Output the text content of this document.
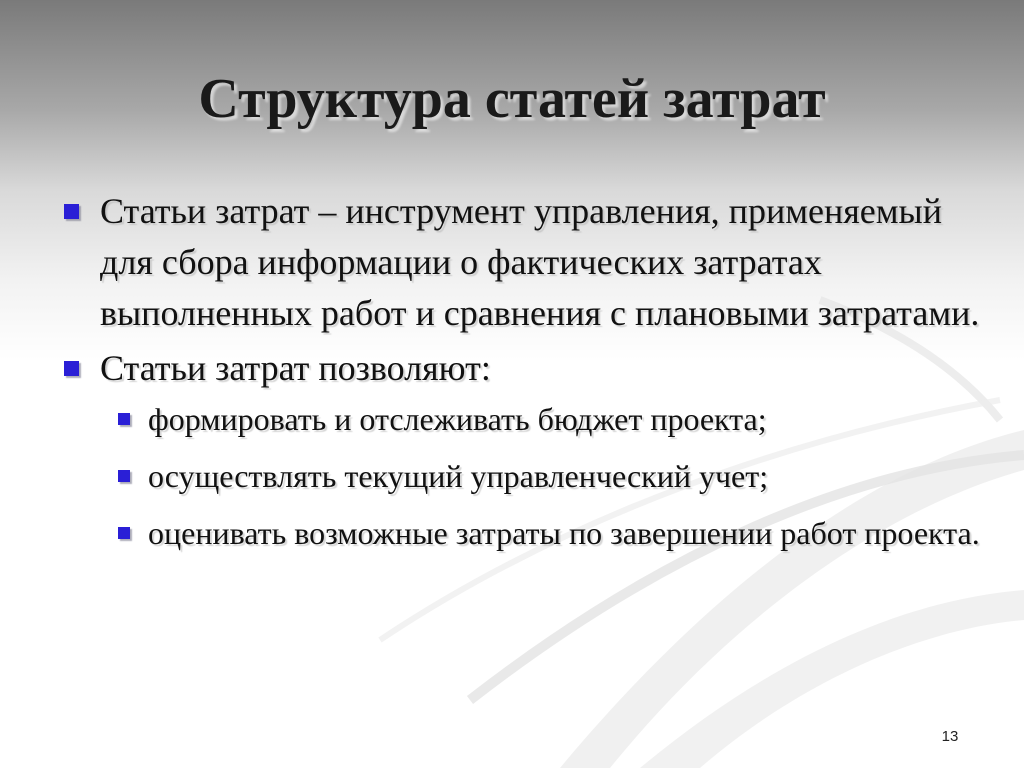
Структура статей затрат
Статьи затрат – инструмент управления, применяемый для сбора информации о фактических затратах выполненных работ и сравнения с плановыми затратами.
Статьи затрат позволяют:
формировать и отслеживать бюджет проекта;
осуществлять текущий управленческий учет;
оценивать возможные затраты по завершении работ проекта.
13
